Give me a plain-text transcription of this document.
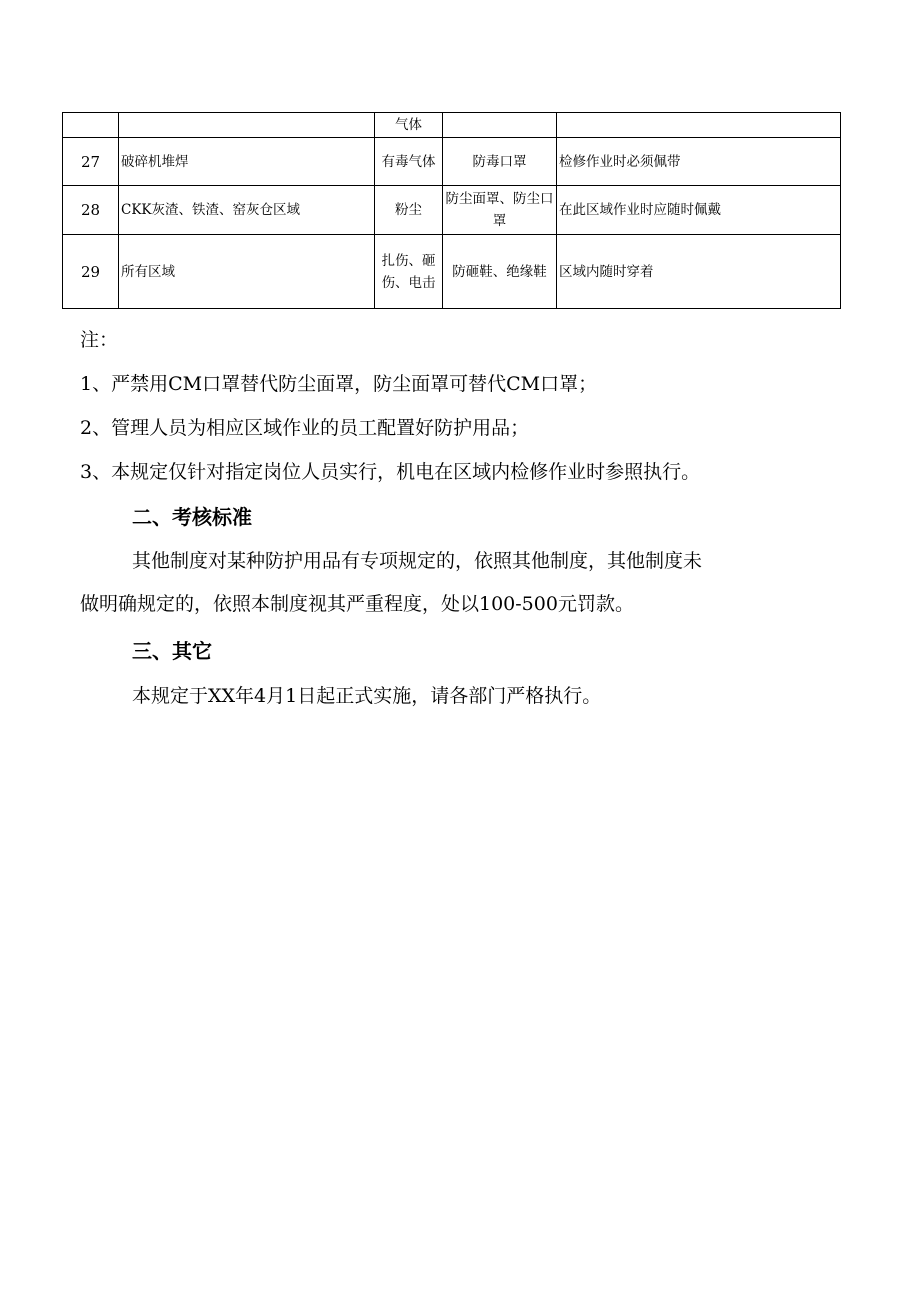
		气体		
27	破碎机堆焊	有毒气体	防毒口罩	检修作业时必须佩带
28	CKK灰渣、铁渣、窑灰仓区域	粉尘	防尘面罩、防尘口罩	在此区域作业时应随时佩戴
29	所有区域	扎伤、砸伤、电击	防砸鞋、绝缘鞋	区域内随时穿着
注：
1、严禁用CM口罩替代防尘面罩，防尘面罩可替代CM口罩；
2、管理人员为相应区域作业的员工配置好防护用品；
3、本规定仅针对指定岗位人员实行，机电在区域内检修作业时参照执行。
二、考核标准
其他制度对某种防护用品有专项规定的，依照其他制度，其他制度未
做明确规定的，依照本制度视其严重程度，处以100-500元罚款。
三、其它
本规定于XX年4月1日起正式实施，请各部门严格执行。
